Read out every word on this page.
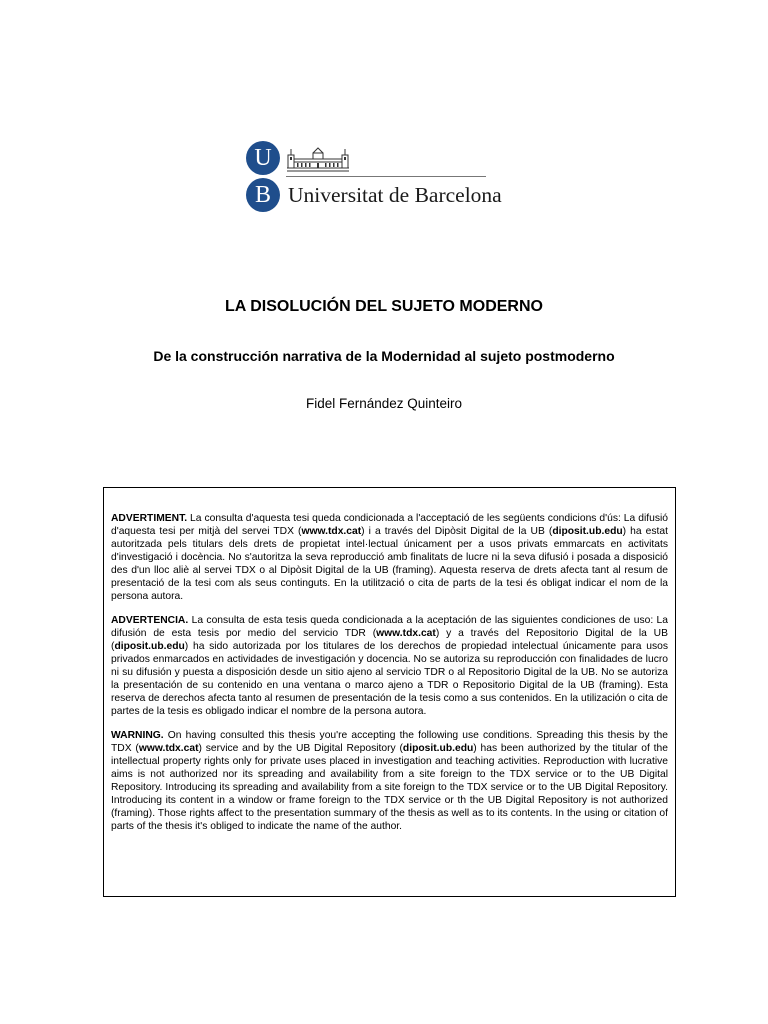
U
B Universitat de Barcelona
LA DISOLUCIÓN DEL SUJETO MODERNO
De la construcción narrativa de la Modernidad al sujeto postmoderno

Fidel Fernández Quinteiro

ADVERTIMENT. La consulta d'aquesta tesi queda condicionada a l'acceptació de les següents condicions d'ús: La difusió d'aquesta tesi per mitjà del servei TDX (www.tdx.cat) i a través del Dipòsit Digital de la UB (diposit.ub.edu) ha estat autoritzada pels titulars dels drets de propietat intel·lectual únicament per a usos privats emmarcats en activitats d'investigació i docència. No s'autoritza la seva reproducció amb finalitats de lucre ni la seva difusió i posada a disposició des d'un lloc aliè al servei TDX o al Dipòsit Digital de la UB (framing). Aquesta reserva de drets afecta tant al resum de presentació de la tesi com als seus continguts. En la utilització o cita de parts de la tesi és obligat indicar el nom de la persona autora.

ADVERTENCIA. La consulta de esta tesis queda condicionada a la aceptación de las siguientes condiciones de uso: La difusión de esta tesis por medio del servicio TDR (www.tdx.cat) y a través del Repositorio Digital de la UB (diposit.ub.edu) ha sido autorizada por los titulares de los derechos de propiedad intelectual únicamente para usos privados enmarcados en actividades de investigación y docencia. No se autoriza su reproducción con finalidades de lucro ni su difusión y puesta a disposición desde un sitio ajeno al servicio TDR o al Repositorio Digital de la UB. No se autoriza la presentación de su contenido en una ventana o marco ajeno a TDR o Repositorio Digital de la UB (framing). Esta reserva de derechos afecta tanto al resumen de presentación de la tesis como a sus contenidos. En la utilización o cita de partes de la tesis es obligado indicar el nombre de la persona autora.

WARNING. On having consulted this thesis you're accepting the following use conditions. Spreading this thesis by the TDX (www.tdx.cat) service and by the UB Digital Repository (diposit.ub.edu) has been authorized by the titular of the intellectual property rights only for private uses placed in investigation and teaching activities. Reproduction with lucrative aims is not authorized nor its spreading and availability from a site foreign to the TDX service or to the UB Digital Repository. Introducing its spreading and availability from a site foreign to the TDX service or to the UB Digital Repository. Introducing its content in a window or frame foreign to the TDX service or th the UB Digital Repository is not authorized (framing). Those rights affect to the presentation summary of the thesis as well as to its contents. In the using or citation of parts of the thesis it's obliged to indicate the name of the author.
